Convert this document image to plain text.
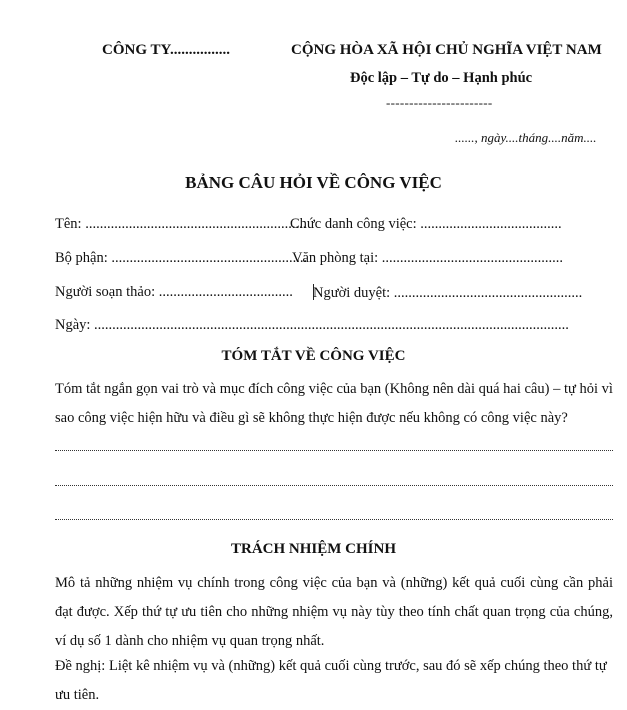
CÔNG TY................	CỘNG HÒA XÃ HỘI CHỦ NGHĨA VIỆT NAM
Độc lập – Tự do – Hạnh phúc
-----------------------
......, ngày....tháng....năm....
BẢNG CÂU HỎI VỀ CÔNG VIỆC
Tên: .............................................................
Chức danh công việc: .......................................
Bộ phận: ......................................................
Văn phòng tại: ..................................................
Người soạn thảo: ..................................... Người duyệt: ....................................................
Ngày: ...................................................................................................................................
TÓM TẮT VỀ CÔNG VIỆC
Tóm tắt ngắn gọn vai trò và mục đích công việc của bạn (Không nên dài quá hai câu) – tự hỏi vì sao công việc hiện hữu và điều gì sẽ không thực hiện được nếu không có công việc này?
TRÁCH NHIỆM CHÍNH
Mô tả những nhiệm vụ chính trong công việc của bạn và (những) kết quả cuối cùng cần phải đạt được. Xếp thứ tự ưu tiên cho những nhiệm vụ này tùy theo tính chất quan trọng của chúng, ví dụ số 1 dành cho nhiệm vụ quan trọng nhất.
Đề nghị: Liệt kê nhiệm vụ và (những) kết quả cuối cùng trước, sau đó sẽ xếp chúng theo thứ tự ưu tiên.
